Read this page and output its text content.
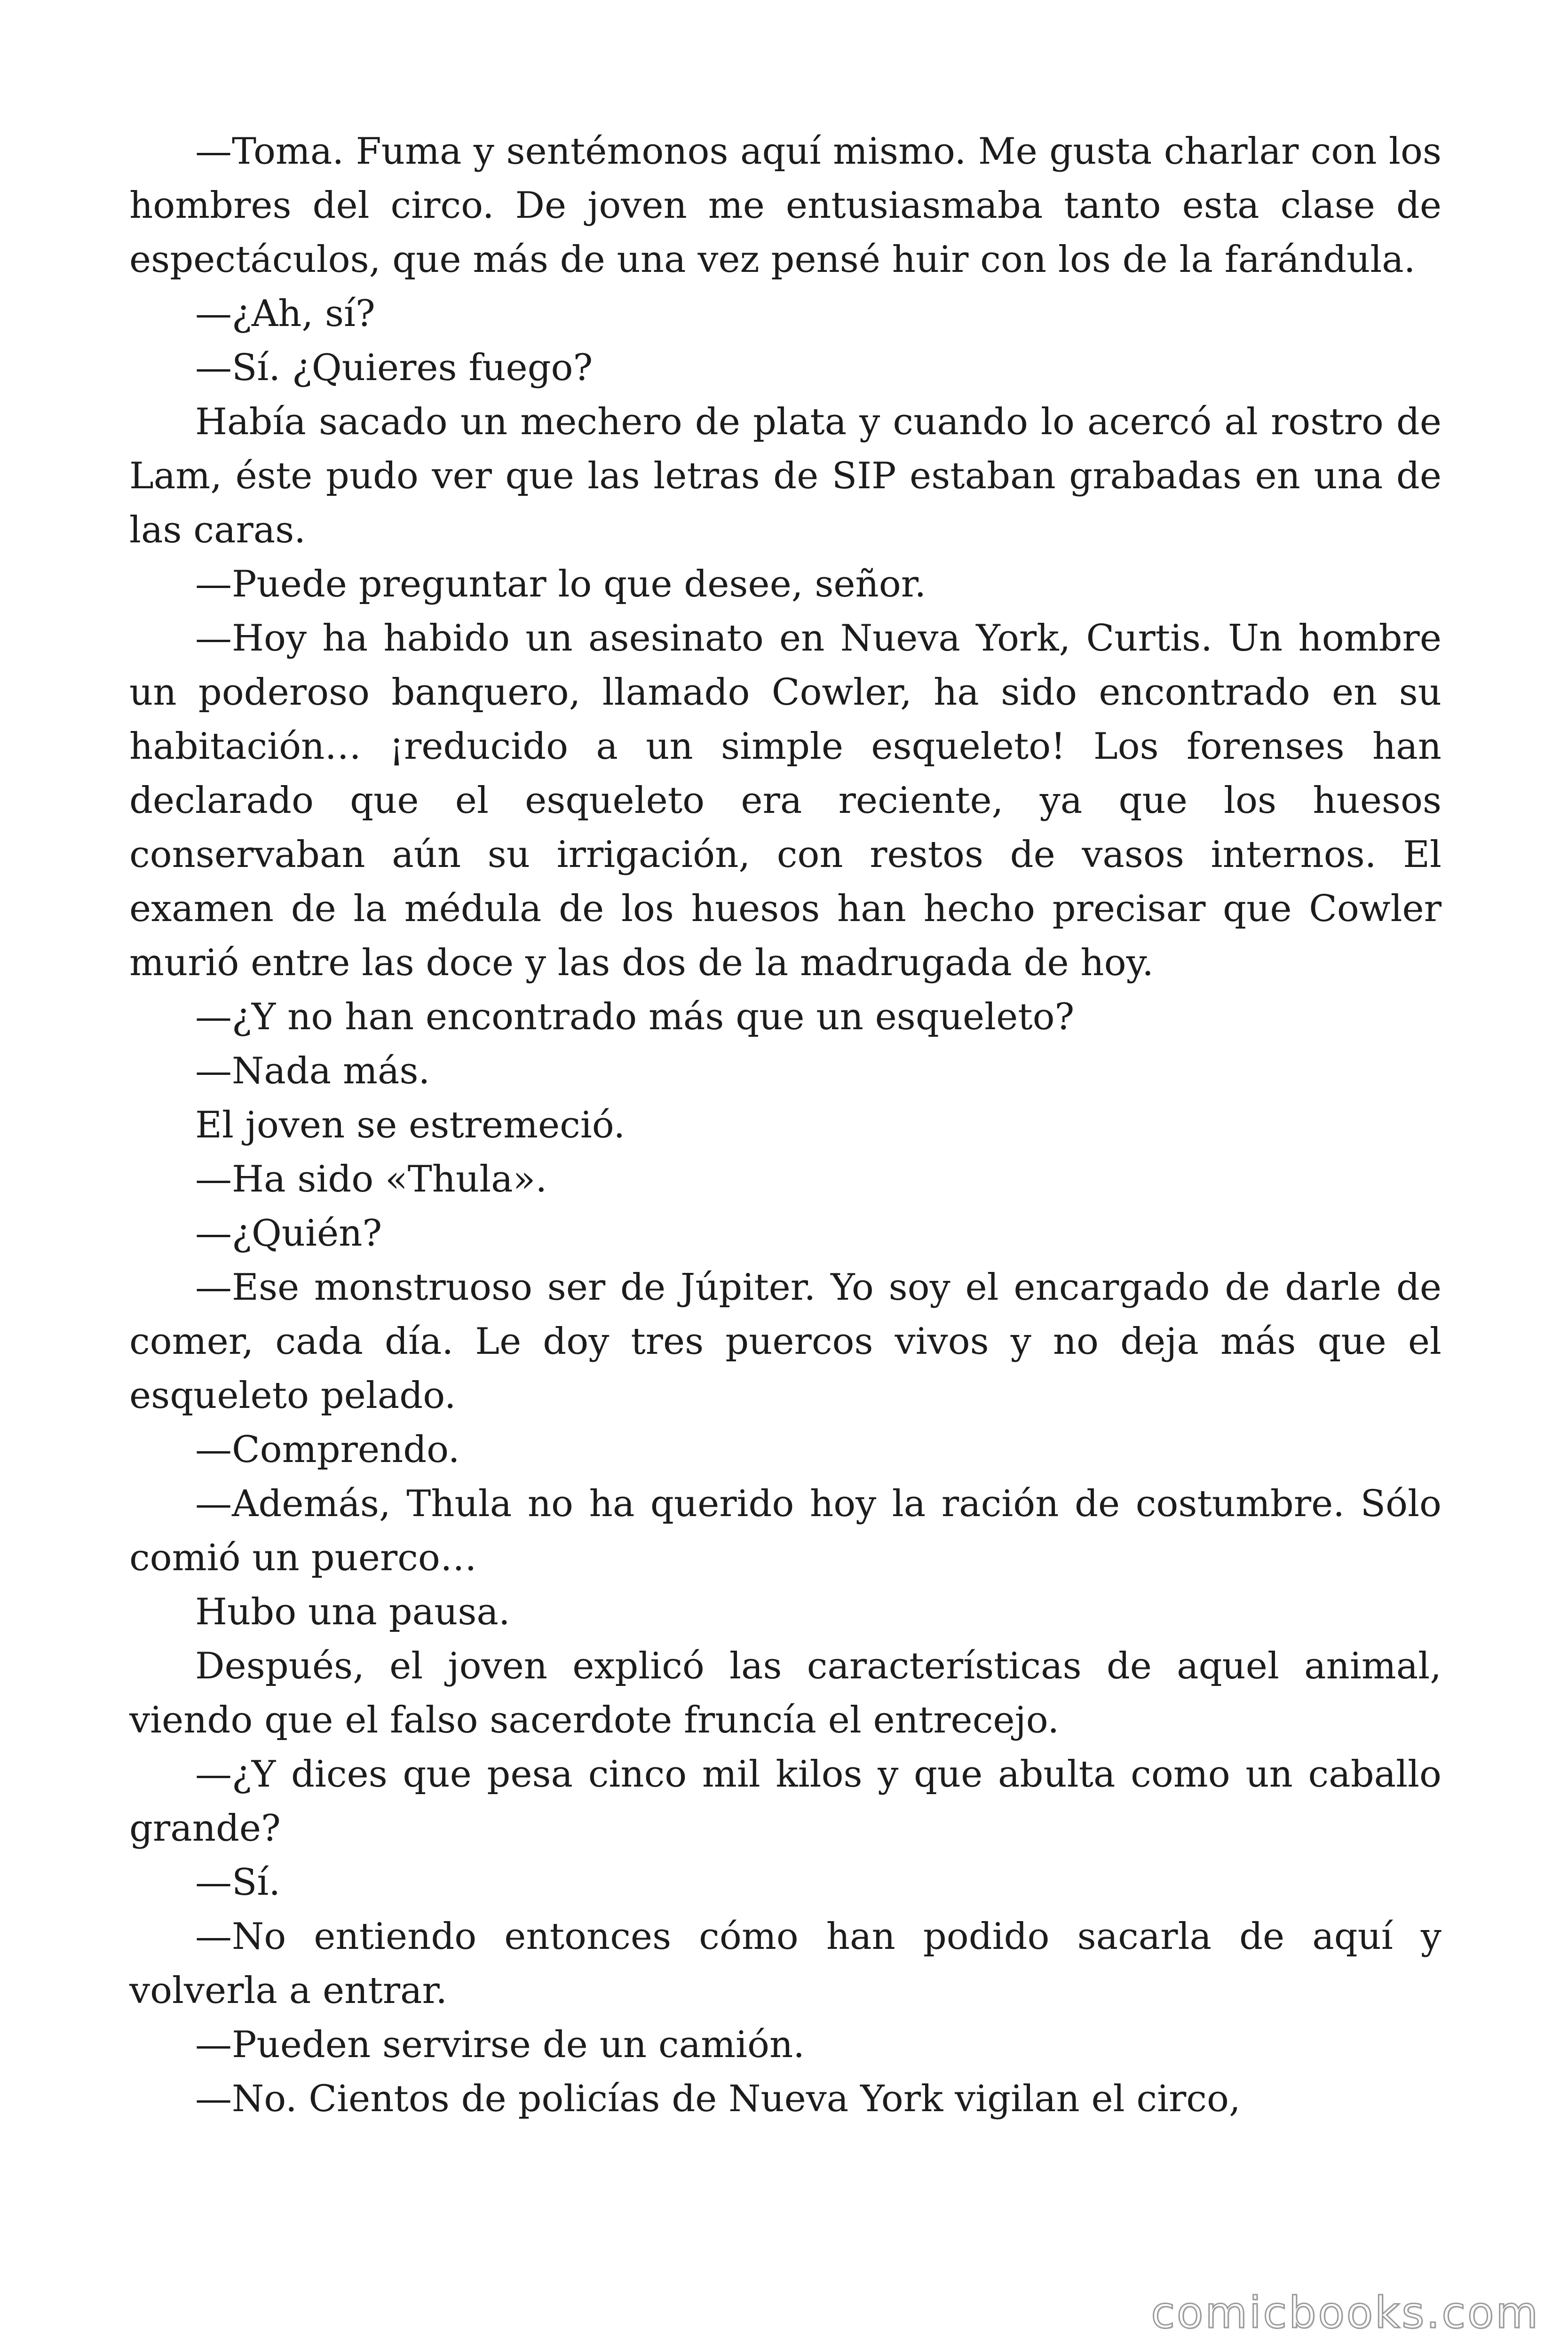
—Toma. Fuma y sentémonos aquí mismo. Me gusta charlar con los hombres del circo. De joven me entusiasmaba tanto esta clase de espectáculos, que más de una vez pensé huir con los de la farándula.

—¿Ah, sí?

—Sí. ¿Quieres fuego?

Había sacado un mechero de plata y cuando lo acercó al rostro de Lam, éste pudo ver que las letras de SIP estaban grabadas en una de las caras.

—Puede preguntar lo que desee, señor.

—Hoy ha habido un asesinato en Nueva York, Curtis. Un hombre un poderoso banquero, llamado Cowler, ha sido encontrado en su habitación… ¡reducido a un simple esqueleto! Los forenses han declarado que el esqueleto era reciente, ya que los huesos conservaban aún su irrigación, con restos de vasos internos. El examen de la médula de los huesos han hecho precisar que Cowler murió entre las doce y las dos de la madrugada de hoy.

—¿Y no han encontrado más que un esqueleto?

—Nada más.

El joven se estremeció.

—Ha sido «Thula».

—¿Quién?

—Ese monstruoso ser de Júpiter. Yo soy el encargado de darle de comer, cada día. Le doy tres puercos vivos y no deja más que el esqueleto pelado.

—Comprendo.

—Además, Thula no ha querido hoy la ración de costumbre. Sólo comió un puerco…

Hubo una pausa.

Después, el joven explicó las características de aquel animal, viendo que el falso sacerdote fruncía el entrecejo.

—¿Y dices que pesa cinco mil kilos y que abulta como un caballo grande?

—Sí.

—No entiendo entonces cómo han podido sacarla de aquí y volverla a entrar.

—Pueden servirse de un camión.

—No. Cientos de policías de Nueva York vigilan el circo,

comicbooks.com
